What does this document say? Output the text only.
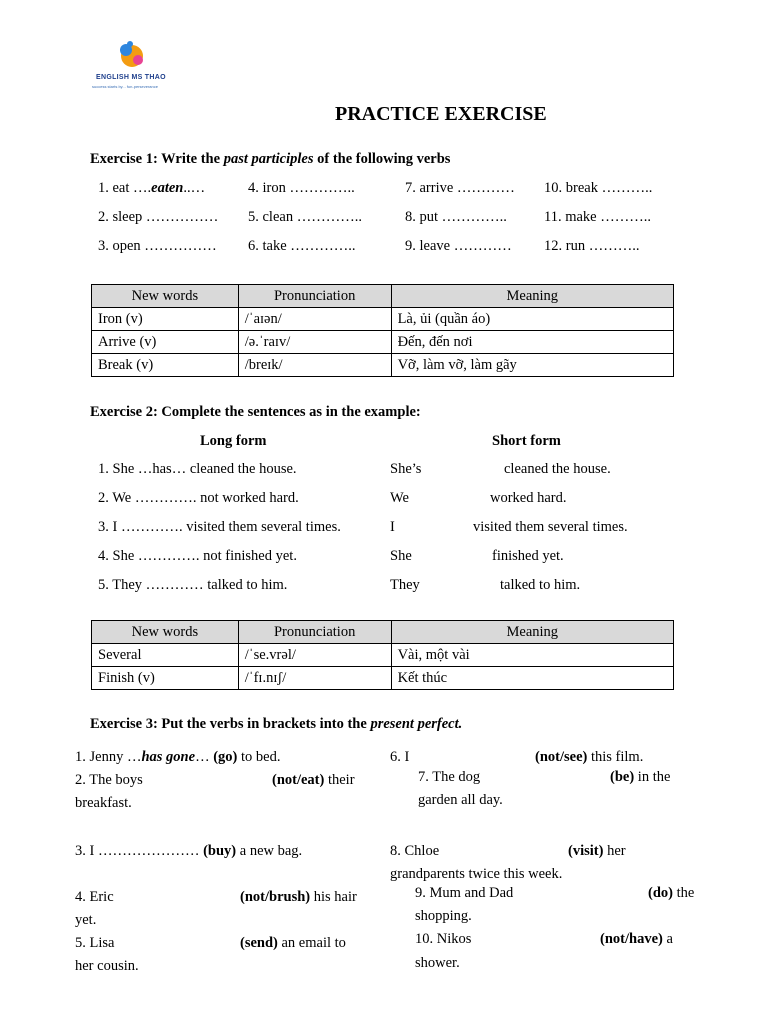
ENGLISH MS THAO
success starts by... fun-perseverance
PRACTICE EXERCISE
Exercise 1: Write the past participles of the following verbs
1. eat ….eaten..…	4. iron …………..	7. arrive ………… 10. break ………..
2. sleep …………… 5. clean …………..	8. put …………..	11. make ………..
3. open …………… 6. take …………..	9. leave ………… 12. run ………..
New words	Pronunciation	Meaning
Iron (v)	/ˈaɪən/	Là, ủi (quần áo)
Arrive (v)	/ə.ˈraɪv/	Đến, đến nơi
Break (v)	/breɪk/	Vỡ, làm vỡ, làm gãy
Exercise 2: Complete the sentences as in the example:
Long form	Short form
1. She …has… cleaned the house.	She’s	cleaned the house.
2. We …………. not worked hard.	We	worked hard.
3. I …………. visited them several times.	I	visited them several times.
4. She …………. not finished yet.	She	finished yet.
5. They ………… talked to him.	They	talked to him.
New words	Pronunciation	Meaning
Several	/ˈse.vrəl/	Vài, một vài
Finish (v)	/ˈfɪ.nɪʃ/	Kết thúc
Exercise 3: Put the verbs in brackets into the present perfect.
1. Jenny …has gone… (go) to bed.
2. The boys	(not/eat) their
breakfast.
3. I ………………… (buy) a new bag.
4. Eric	(not/brush) his hair
yet.
5. Lisa	(send) an email to
her cousin.
6. I	(not/see) this film.
7. The dog	(be) in the
garden all day.
8. Chloe	(visit) her
grandparents twice this week.
9. Mum and Dad	(do) the
shopping.
10. Nikos	(not/have) a
shower.
